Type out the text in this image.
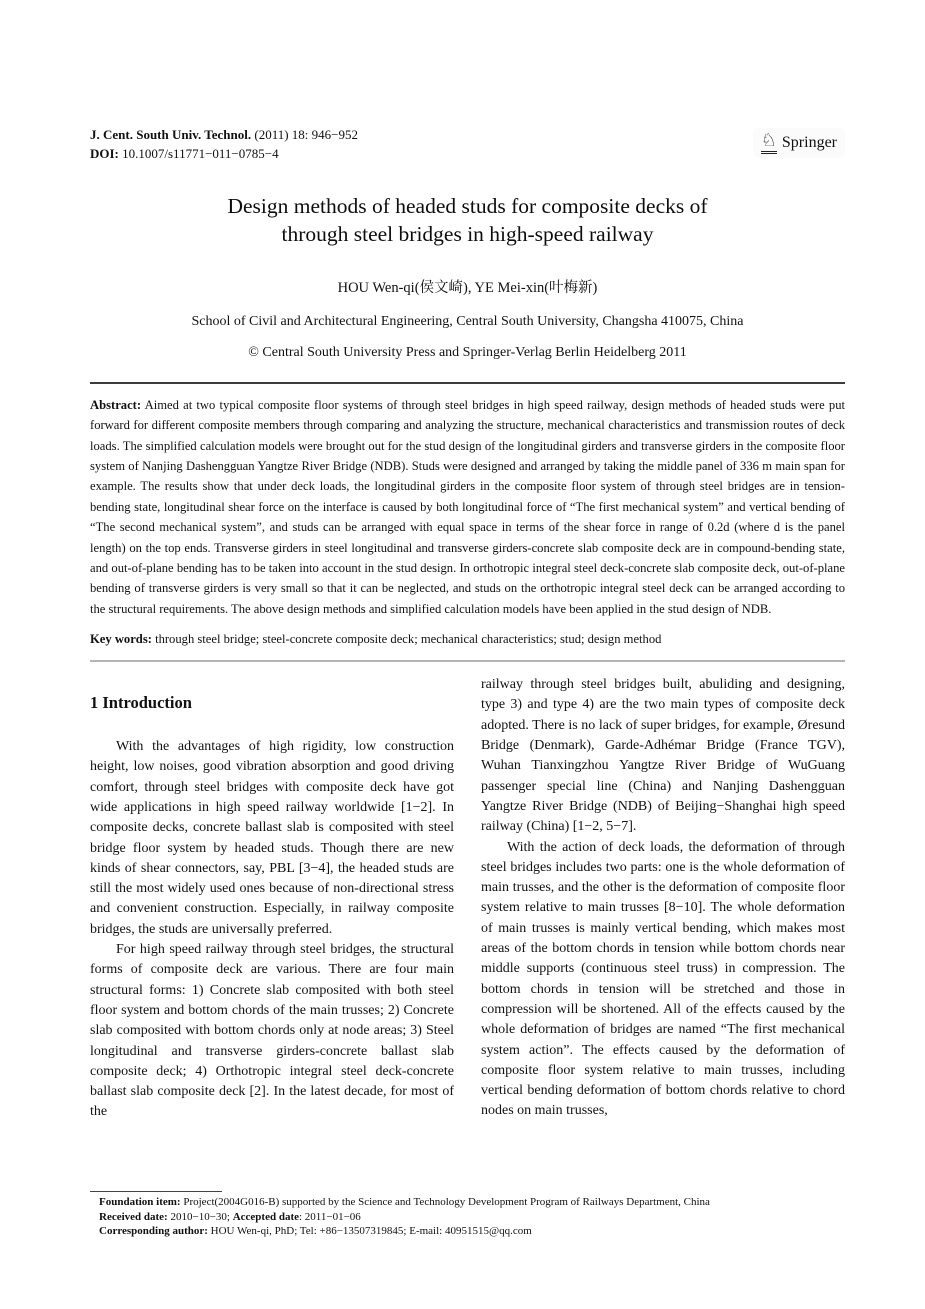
J. Cent. South Univ. Technol. (2011) 18: 946−952
DOI: 10.1007/s11771−011−0785−4
♘ Springer
Design methods of headed studs for composite decks of
through steel bridges in high-speed railway
HOU Wen-qi(侯文崎), YE Mei-xin(叶梅新)
School of Civil and Architectural Engineering, Central South University, Changsha 410075, China
© Central South University Press and Springer-Verlag Berlin Heidelberg 2011
Abstract: Aimed at two typical composite floor systems of through steel bridges in high speed railway, design methods of headed studs were put forward for different composite members through comparing and analyzing the structure, mechanical characteristics and transmission routes of deck loads. The simplified calculation models were brought out for the stud design of the longitudinal girders and transverse girders in the composite floor system of Nanjing Dashengguan Yangtze River Bridge (NDB). Studs were designed and arranged by taking the middle panel of 336 m main span for example. The results show that under deck loads, the longitudinal girders in the composite floor system of through steel bridges are in tension-bending state, longitudinal shear force on the interface is caused by both longitudinal force of “The first mechanical system” and vertical bending of “The second mechanical system”, and studs can be arranged with equal space in terms of the shear force in range of 0.2d (where d is the panel length) on the top ends. Transverse girders in steel longitudinal and transverse girders-concrete slab composite deck are in compound-bending state, and out-of-plane bending has to be taken into account in the stud design. In orthotropic integral steel deck-concrete slab composite deck, out-of-plane bending of transverse girders is very small so that it can be neglected, and studs on the orthotropic integral steel deck can be arranged according to the structural requirements. The above design methods and simplified calculation models have been applied in the stud design of NDB.
Key words: through steel bridge; steel-concrete composite deck; mechanical characteristics; stud; design method
1 Introduction

With the advantages of high rigidity, low construction height, low noises, good vibration absorption and good driving comfort, through steel bridges with composite deck have got wide applications in high speed railway worldwide [1−2]. In composite decks, concrete ballast slab is composited with steel bridge floor system by headed studs. Though there are new kinds of shear connectors, say, PBL [3−4], the headed studs are still the most widely used ones because of non-directional stress and convenient construction. Especially, in railway composite bridges, the studs are universally preferred.

For high speed railway through steel bridges, the structural forms of composite deck are various. There are four main structural forms: 1) Concrete slab composited with both steel floor system and bottom chords of the main trusses; 2) Concrete slab composited with bottom chords only at node areas; 3) Steel longitudinal and transverse girders-concrete ballast slab composite deck; 4) Orthotropic integral steel deck-concrete ballast slab composite deck [2]. In the latest decade, for most of the

railway through steel bridges built, abuliding and designing, type 3) and type 4) are the two main types of composite deck adopted. There is no lack of super bridges, for example, Øresund Bridge (Denmark), Garde-Adhémar Bridge (France TGV), Wuhan Tianxingzhou Yangtze River Bridge of WuGuang passenger special line (China) and Nanjing Dashengguan Yangtze River Bridge (NDB) of Beijing−Shanghai high speed railway (China) [1−2, 5−7].

With the action of deck loads, the deformation of through steel bridges includes two parts: one is the whole deformation of main trusses, and the other is the deformation of composite floor system relative to main trusses [8−10]. The whole deformation of main trusses is mainly vertical bending, which makes most areas of the bottom chords in tension while bottom chords near middle supports (continuous steel truss) in compression. The bottom chords in tension will be stretched and those in compression will be shortened. All of the effects caused by the whole deformation of bridges are named “The first mechanical system action”. The effects caused by the deformation of composite floor system relative to main trusses, including vertical bending deformation of bottom chords relative to chord nodes on main trusses,

Foundation item: Project(2004G016-B) supported by the Science and Technology Development Program of Railways Department, China
Received date: 2010−10−30; Accepted date: 2011−01−06
Corresponding author: HOU Wen-qi, PhD; Tel: +86−13507319845; E-mail: 40951515@qq.com
